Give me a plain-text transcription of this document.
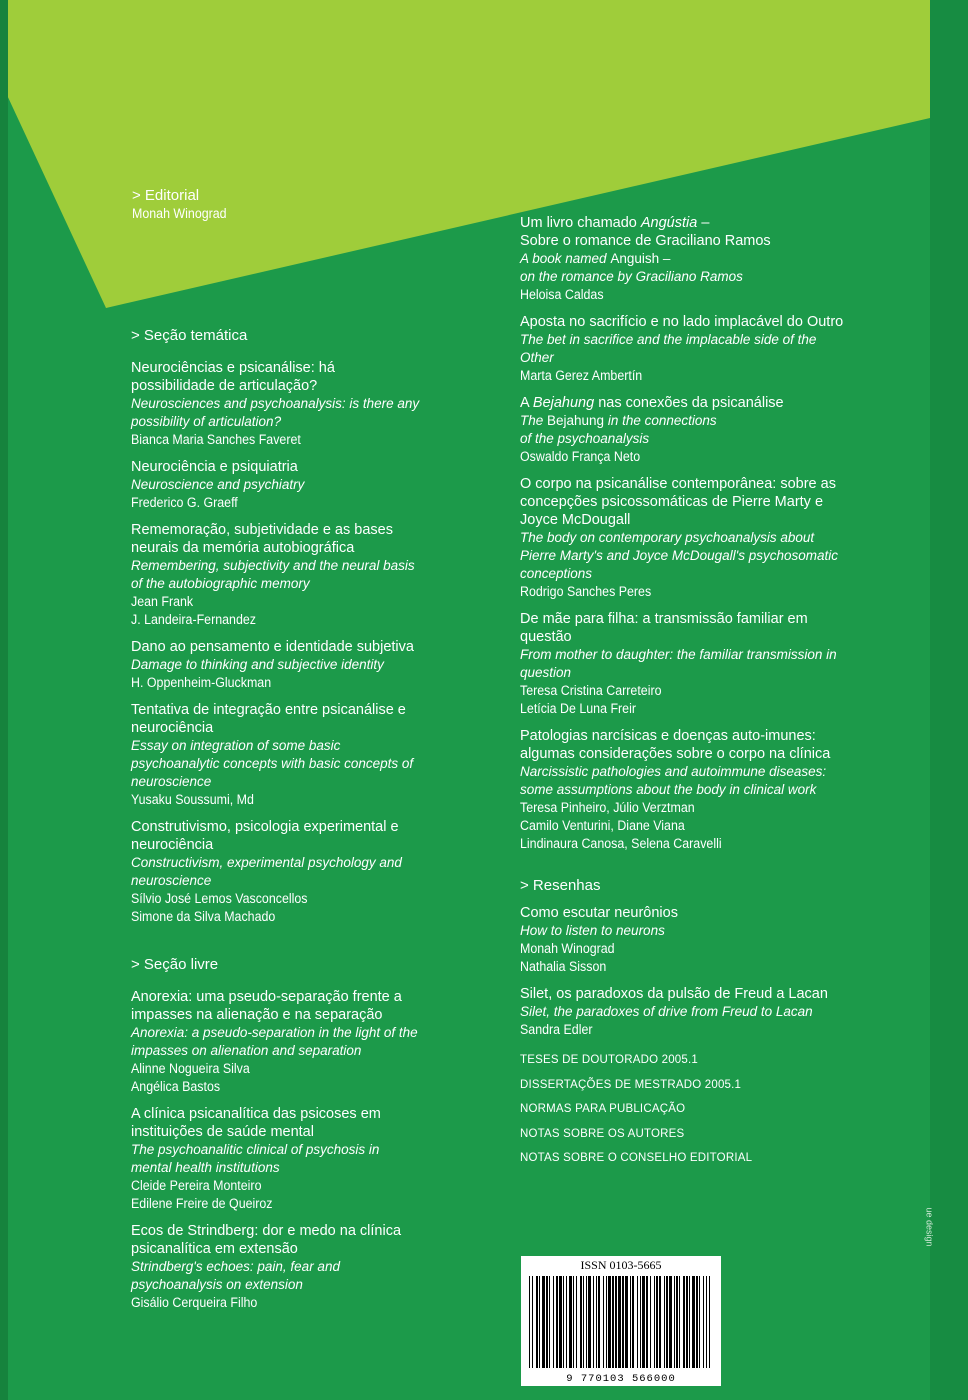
> Editorial
Monah Winograd
> Seção temática
Neurociências e psicanálise: há possibilidade de articulação?
Neurosciences and psychoanalysis: is there any possibility of articulation?
Bianca Maria Sanches Faveret
Neurociência e psiquiatria
Neuroscience and psychiatry
Frederico G. Graeff
Rememoração, subjetividade e as bases neurais da memória autobiográfica
Remembering, subjectivity and the neural basis of the autobiographic memory
Jean Frank
J. Landeira-Fernandez
Dano ao pensamento e identidade subjetiva
Damage to thinking and subjective identity
H. Oppenheim-Gluckman
Tentativa de integração entre psicanálise e neurociência
Essay on integration of some basic psychoanalytic concepts with basic concepts of neuroscience
Yusaku Soussumi, Md
Construtivismo, psicologia experimental e neurociência
Constructivism, experimental psychology and neuroscience
Sílvio José Lemos Vasconcellos
Simone da Silva Machado
> Seção livre
Anorexia: uma pseudo-separação frente a impasses na alienação e na separação
Anorexia: a pseudo-separation in the light of the impasses on alienation and separation
Alinne Nogueira Silva
Angélica Bastos
A clínica psicanalítica das psicoses em instituições de saúde mental
The psychoanalitic clinical of psychosis in mental health institutions
Cleide Pereira Monteiro
Edilene Freire de Queiroz
Ecos de Strindberg: dor e medo na clínica psicanalítica em extensão
Strindberg's echoes: pain, fear and psychoanalysis on extension
Gisálio Cerqueira Filho
Um livro chamado Angústia –
Sobre o romance de Graciliano Ramos
A book named Anguish –
on the romance by Graciliano Ramos
Heloisa Caldas
Aposta no sacrifício e no lado implacável do Outro
The bet in sacrifice and the implacable side of the Other
Marta Gerez Ambertín
A Bejahung nas conexões da psicanálise
The Bejahung in the connections
of the psychoanalysis
Oswaldo França Neto
O corpo na psicanálise contemporânea: sobre as concepções psicossomáticas de Pierre Marty e Joyce McDougall
The body on contemporary psychoanalysis about Pierre Marty's and Joyce McDougall's psychosomatic conceptions
Rodrigo Sanches Peres
De mãe para filha: a transmissão familiar em questão
From mother to daughter: the familiar transmission in question
Teresa Cristina Carreteiro
Letícia De Luna Freir
Patologias narcísicas e doenças auto-imunes: algumas considerações sobre o corpo na clínica
Narcissistic pathologies and autoimmune diseases: some assumptions about the body in clinical work
Teresa Pinheiro, Júlio Verztman
Camilo Venturini, Diane Viana
Lindinaura Canosa, Selena Caravelli
> Resenhas
Como escutar neurônios
How to listen to neurons
Monah Winograd
Nathalia Sisson
Silet, os paradoxos da pulsão de Freud a Lacan
Silet, the paradoxes of drive from Freud to Lacan
Sandra Edler
TESES DE DOUTORADO 2005.1
DISSERTAÇÕES DE MESTRADO 2005.1
NORMAS PARA PUBLICAÇÃO
NOTAS SOBRE OS AUTORES
NOTAS SOBRE O CONSELHO EDITORIAL
ISSN 0103-5665
9 770103 566000
ue design
